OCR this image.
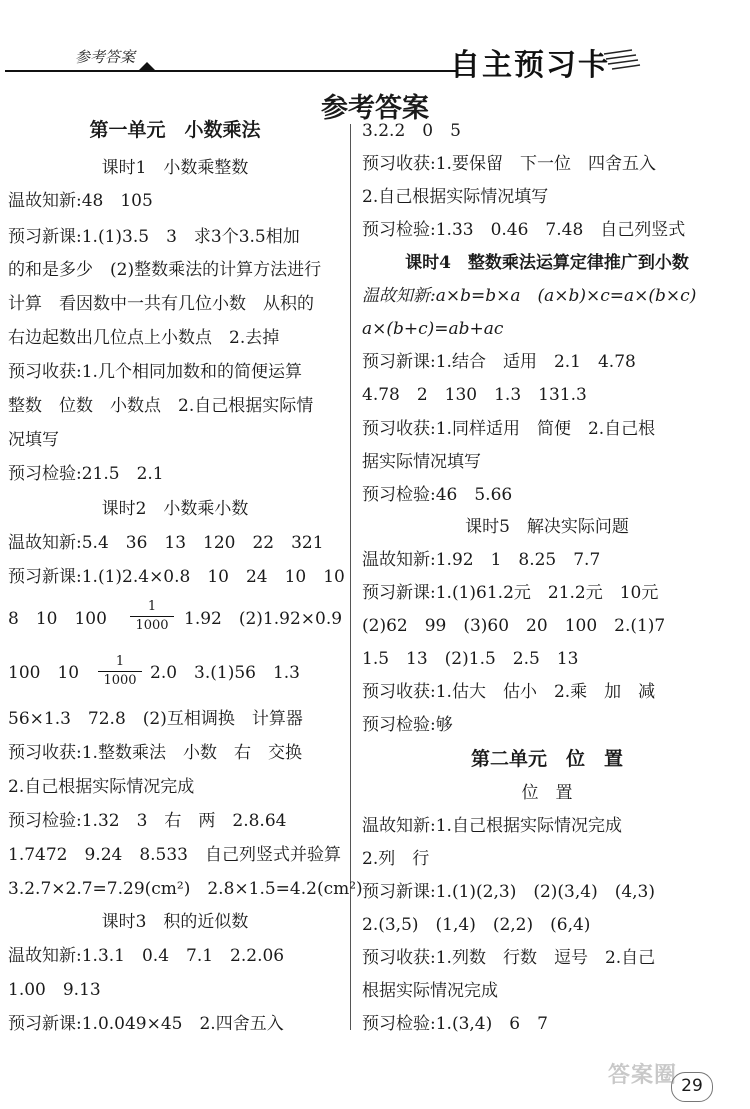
参考答案	自主预习卡
参考答案
第一单元　小数乘法
课时1　小数乘整数
温故知新:48　105
预习新课:1.(1)3.5　3　求3个3.5相加
的和是多少　(2)整数乘法的计算方法进行
计算　看因数中一共有几位小数　从积的
右边起数出几位点上小数点　2.去掉
预习收获:1.几个相同加数和的简便运算
整数　位数　小数点　2.自己根据实际情
况填写
预习检验:21.5　2.1
课时2　小数乘小数
温故知新:5.4　36　13　120　22　321
预习新课:1.(1)2.4×0.8　10　24　10　10
8　10　$100 \frac{1}{1000} 1.92$　(2)1.92×0.9
100　$10 \frac{1}{1000} 2.0$　3.(1)56　1.3
56×1.3　72.8　(2)互相调换　计算器
预习收获:1.整数乘法　小数　右　交换
2.自己根据实际情况完成
预习检验:1.32　3　右　两　2.8.64
1.7472　9.24　8.533　自己列竖式并验算
3.2.7×2.7=7.29(cm²)　2.8×1.5=4.2(cm²)
课时3　积的近似数
温故知新:1.3.1　0.4　7.1　2.2.06
1.00　9.13
预习新课:1.0.049×45　2.四舍五入
3.2.2　0　5
预习收获:1.要保留　下一位　四舍五入
2.自己根据实际情况填写
预习检验:1.33　0.46　7.48　自己列竖式
课时4　整数乘法运算定律推广到小数
温故知新:a×b=b×a　(a×b)×c=a×(b×c)
a×(b+c)=ab+ac
预习新课:1.结合　适用　2.1　4.78
4.78　2　130　1.3　131.3
预习收获:1.同样适用　简便　2.自己根
据实际情况填写
预习检验:46　5.66
课时5　解决实际问题
温故知新:1.92　1　8.25　7.7
预习新课:1.(1)61.2元　21.2元　10元
(2)62　99　(3)60　20　100　2.(1)7
1.5　13　(2)1.5　2.5　13
预习收获:1.估大　估小　2.乘　加　减
预习检验:够
第二单元　位　置
位　置
温故知新:1.自己根据实际情况完成
2.列　行
预习新课:1.(1)(2,3)　(2)(3,4)　(4,3)
2.(3,5)　(1,4)　(2,2)　(6,4)
预习收获:1.列数　行数　逗号　2.自己
根据实际情况完成
预习检验:1.(3,4)　6　7
答案圈 29
